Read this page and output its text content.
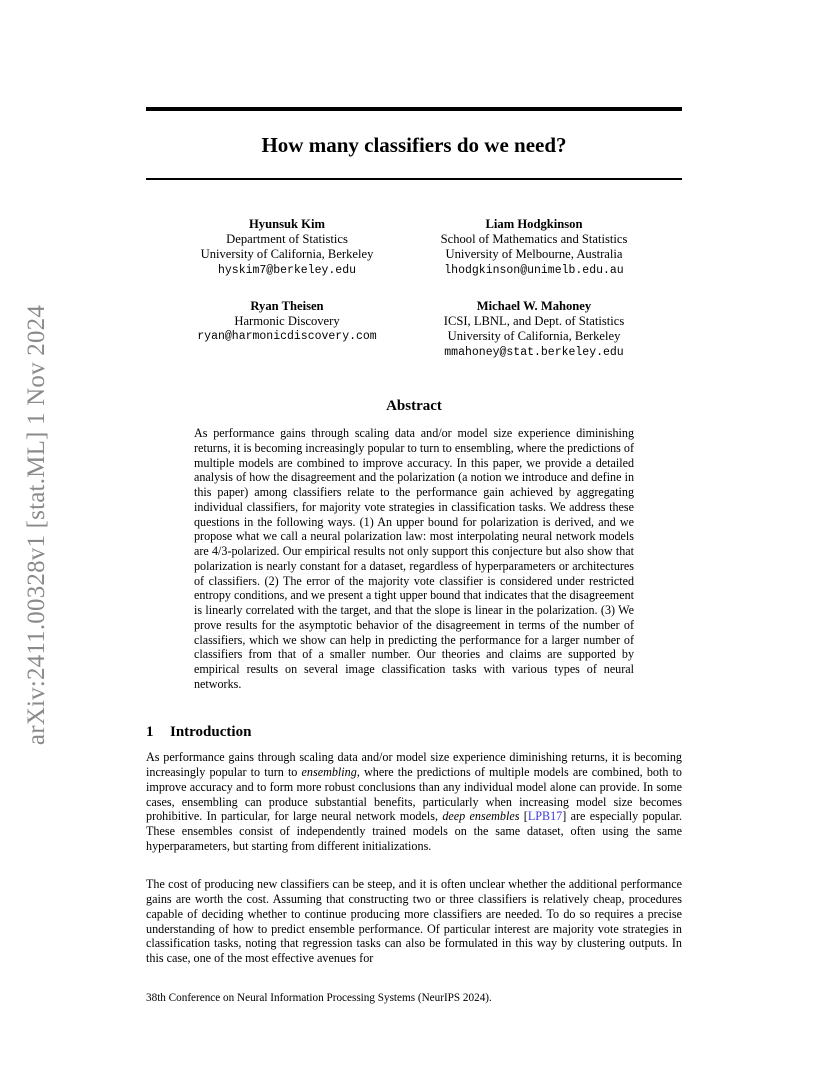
arXiv:2411.00328v1 [stat.ML] 1 Nov 2024
How many classifiers do we need?
Hyunsuk Kim
Department of Statistics
University of California, Berkeley
hyskim7@berkeley.edu
Liam Hodgkinson
School of Mathematics and Statistics
University of Melbourne, Australia
lhodgkinson@unimelb.edu.au
Ryan Theisen
Harmonic Discovery
ryan@harmonicdiscovery.com
Michael W. Mahoney
ICSI, LBNL, and Dept. of Statistics
University of California, Berkeley
mmahoney@stat.berkeley.edu
Abstract

As performance gains through scaling data and/or model size experience diminishing returns, it is becoming increasingly popular to turn to ensembling, where the predictions of multiple models are combined to improve accuracy. In this paper, we provide a detailed analysis of how the disagreement and the polarization (a notion we introduce and define in this paper) among classifiers relate to the performance gain achieved by aggregating individual classifiers, for majority vote strategies in classification tasks. We address these questions in the following ways. (1) An upper bound for polarization is derived, and we propose what we call a neural polarization law: most interpolating neural network models are 4/3-polarized. Our empirical results not only support this conjecture but also show that polarization is nearly constant for a dataset, regardless of hyperparameters or architectures of classifiers. (2) The error of the majority vote classifier is considered under restricted entropy conditions, and we present a tight upper bound that indicates that the disagreement is linearly correlated with the target, and that the slope is linear in the polarization. (3) We prove results for the asymptotic behavior of the disagreement in terms of the number of classifiers, which we show can help in predicting the performance for a larger number of classifiers from that of a smaller number. Our theories and claims are supported by empirical results on several image classification tasks with various types of neural networks.

1 Introduction

As performance gains through scaling data and/or model size experience diminishing returns, it is becoming increasingly popular to turn to ensembling, where the predictions of multiple models are combined, both to improve accuracy and to form more robust conclusions than any individual model alone can provide. In some cases, ensembling can produce substantial benefits, particularly when increasing model size becomes prohibitive. In particular, for large neural network models, deep ensembles [LPB17] are especially popular. These ensembles consist of independently trained models on the same dataset, often using the same hyperparameters, but starting from different initializations.

The cost of producing new classifiers can be steep, and it is often unclear whether the additional performance gains are worth the cost. Assuming that constructing two or three classifiers is relatively cheap, procedures capable of deciding whether to continue producing more classifiers are needed. To do so requires a precise understanding of how to predict ensemble performance. Of particular interest are majority vote strategies in classification tasks, noting that regression tasks can also be formulated in this way by clustering outputs. In this case, one of the most effective avenues for

38th Conference on Neural Information Processing Systems (NeurIPS 2024).
